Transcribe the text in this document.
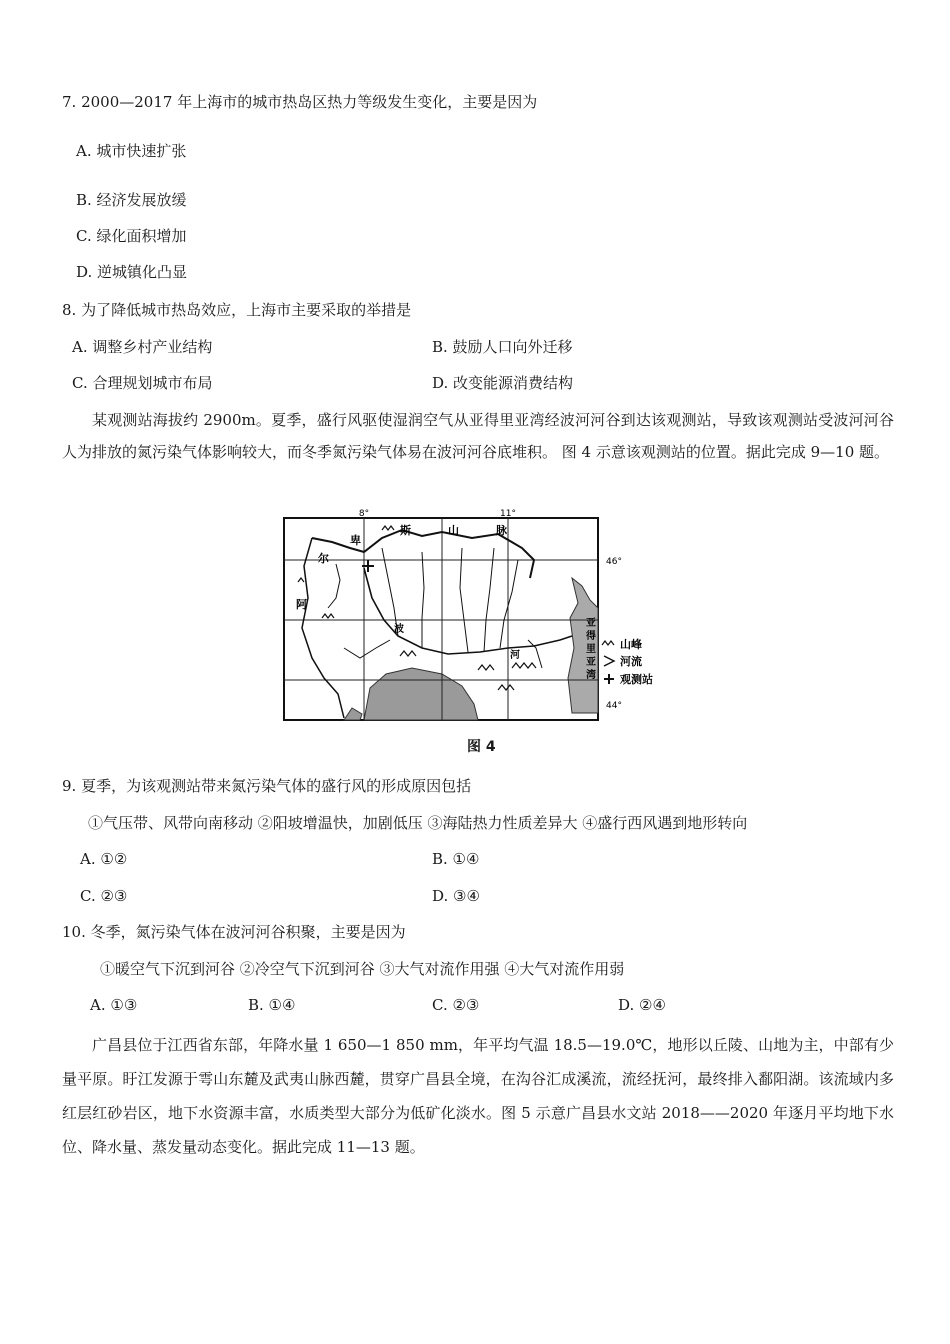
7. 2000—2017 年上海市的城市热岛区热力等级发生变化，主要是因为
A. 城市快速扩张
B. 经济发展放缓
C. 绿化面积增加
D. 逆城镇化凸显
8. 为了降低城市热岛效应，上海市主要采取的举措是
A. 调整乡村产业结构	B. 鼓励人口向外迁移
C. 合理规划城市布局	D. 改变能源消费结构
某观测站海拔约 2900m。夏季，盛行风驱使湿润空气从亚得里亚湾经波河河谷到达该观测站，导致该观测站受波河河谷人为排放的氮污染气体影响较大，而冬季氮污染气体易在波河河谷底堆积。 图 4 示意该观测站的位置。据此完成 9—10 题。
8°	11°
46°
44°
卑
斯	山	脉
尔
阿
波
河
亚
得
里
亚
湾
山峰
河流
观测站
图 4
9. 夏季，为该观测站带来氮污染气体的盛行风的形成原因包括
①气压带、风带向南移动 ②阳坡增温快，加剧低压 ③海陆热力性质差异大 ④盛行西风遇到地形转向
A. ①②	B. ①④
C. ②③	D. ③④
10. 冬季，氮污染气体在波河河谷积聚，主要是因为
①暖空气下沉到河谷 ②冷空气下沉到河谷 ③大气对流作用强 ④大气对流作用弱
A. ①③	B. ①④	C. ②③	D. ②④
广昌县位于江西省东部，年降水量 1 650—1 850 mm，年平均气温 18.5—19.0℃，地形以丘陵、山地为主，中部有少量平原。盱江发源于雩山东麓及武夷山脉西麓，贯穿广昌县全境，在沟谷汇成溪流，流经抚河，最终排入鄱阳湖。该流域内多红层红砂岩区，地下水资源丰富，水质类型大部分为低矿化淡水。图 5 示意广昌县水文站 2018——2020 年逐月平均地下水位、降水量、蒸发量动态变化。据此完成 11—13 题。
